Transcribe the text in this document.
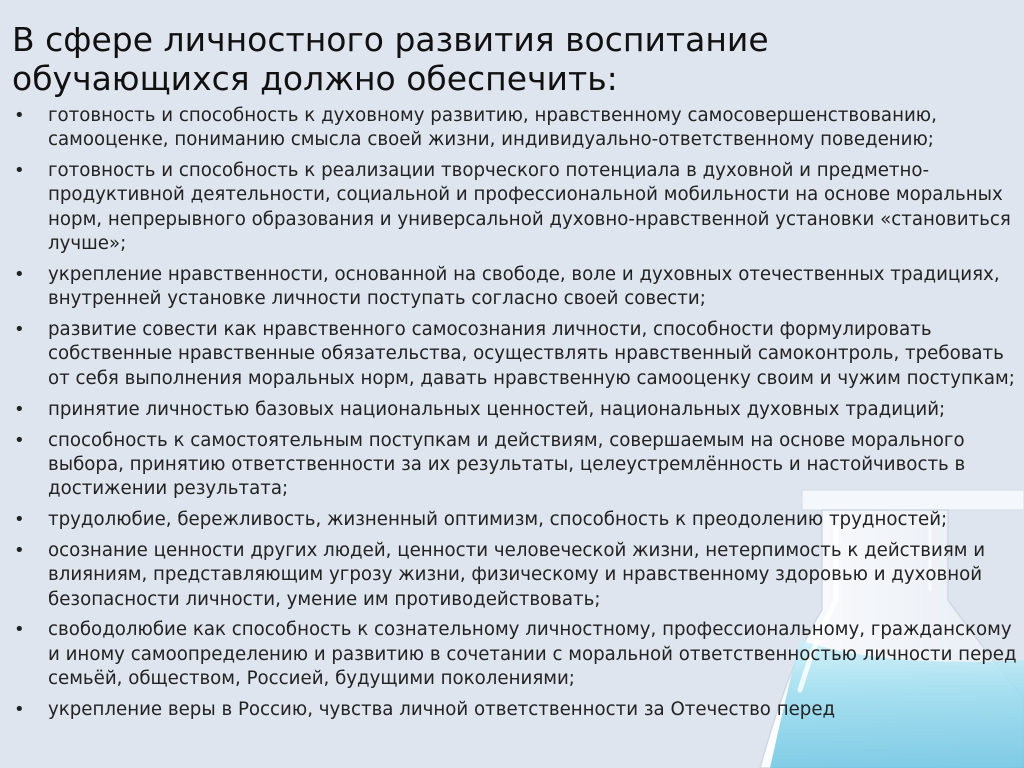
В сфере личностного развития воспитание обучающихся должно обеспечить:
• готовность и способность к духовному развитию, нравственному самосовершенствованию, самооценке, пониманию смысла своей жизни, индивидуально-ответственному поведению;
• готовность и способность к реализации творческого потенциала в духовной и предметно-продуктивной деятельности, социальной и профессиональной мобильности на основе моральных норм, непрерывного образования и универсальной духовно-нравственной установки «становиться лучше»;
• укрепление нравственности, основанной на свободе, воле и духовных отечественных традициях, внутренней установке личности поступать согласно своей совести;
• развитие совести как нравственного самосознания личности, способности формулировать собственные нравственные обязательства, осуществлять нравственный самоконтроль, требовать от себя выполнения моральных норм, давать нравственную самооценку своим и чужим поступкам;
• принятие личностью базовых национальных ценностей, национальных духовных традиций;
• способность к самостоятельным поступкам и действиям, совершаемым на основе морального выбора, принятию ответственности за их результаты, целеустремлённость и настойчивость в достижении результата;
• трудолюбие, бережливость, жизненный оптимизм, способность к преодолению трудностей;
• осознание ценности других людей, ценности человеческой жизни, нетерпимость к действиям и влияниям, представляющим угрозу жизни, физическому и нравственному здоровью и духовной безопасности личности, умение им противодействовать;
• свободолюбие как способность к сознательному личностному, профессиональному, гражданскому и иному самоопределению и развитию в сочетании с моральной ответственностью личности перед семьёй, обществом, Россией, будущими поколениями;
• укрепление веры в Россию, чувства личной ответственности за Отечество перед
